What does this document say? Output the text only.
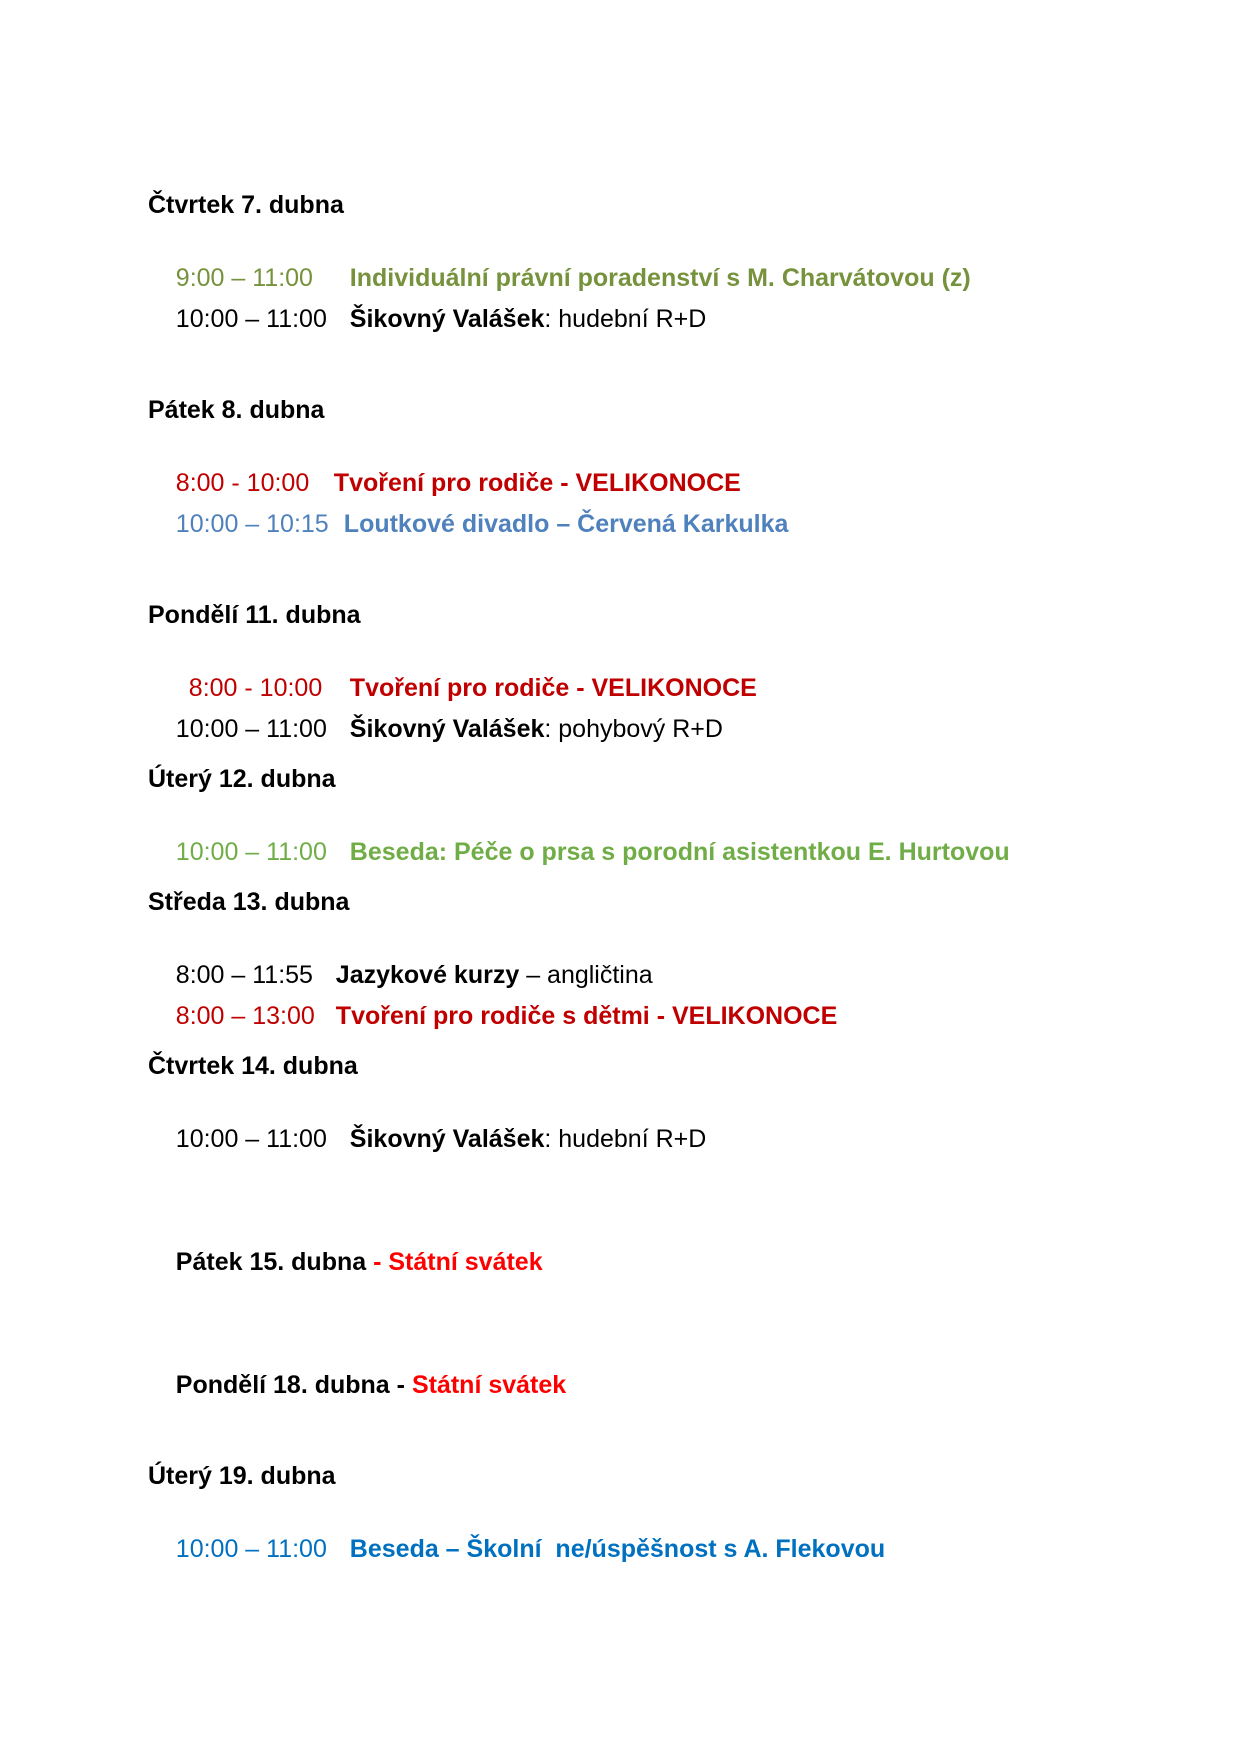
Čtvrtek 7. dubna

9:00 – 11:00 Individuální právní poradenství s M. Charvátovou (z)

10:00 – 11:00 Šikovný Valášek: hudební R+D

Pátek 8. dubna

8:00 - 10:00 Tvoření pro rodiče - VELIKONOCE

10:00 – 10:15 Loutkové divadlo – Červená Karkulka

Pondělí 11. dubna

8:00 - 10:00 Tvoření pro rodiče - VELIKONOCE

10:00 – 11:00 Šikovný Valášek: pohybový R+D

Úterý 12. dubna

10:00 – 11:00 Beseda: Péče o prsa s porodní asistentkou E. Hurtovou

Středa 13. dubna

8:00 – 11:55 Jazykové kurzy – angličtina

8:00 – 13:00 Tvoření pro rodiče s dětmi - VELIKONOCE

Čtvrtek 14. dubna

10:00 – 11:00 Šikovný Valášek: hudební R+D

Pátek 15. dubna - Státní svátek

Pondělí 18. dubna - Státní svátek

Úterý 19. dubna

10:00 – 11:00 Beseda – Školní  ne/úspěšnost s A. Flekovou
